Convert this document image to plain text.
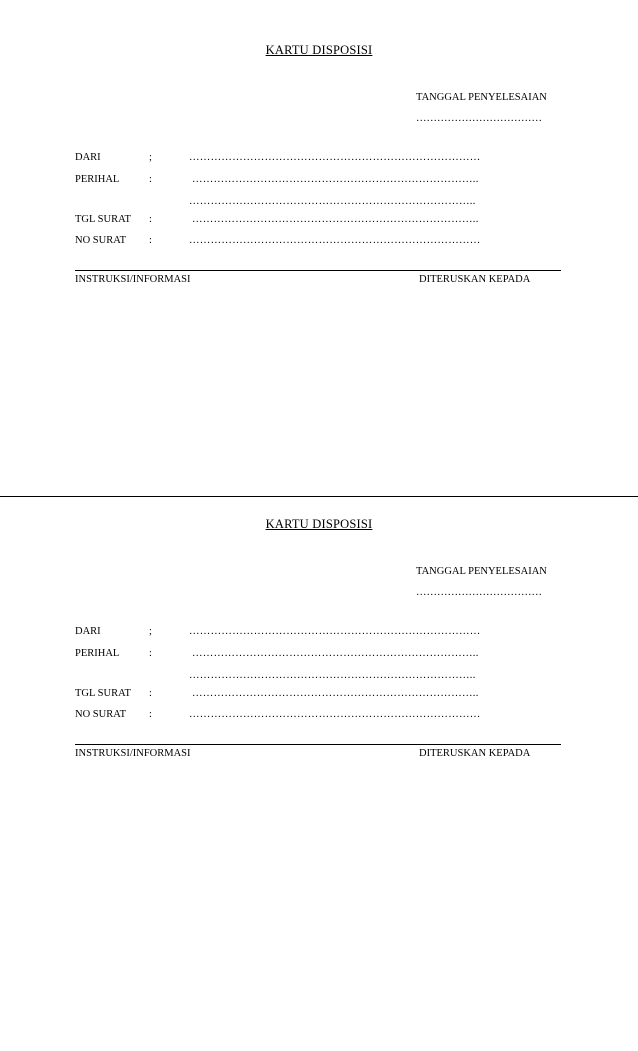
KARTU DISPOSISI
TANGGAL PENYELESAIAN
………………………………
DARI	;	………………………………………………………………………
PERIHAL	:	……………………………………………………………………..
……………………………………………………………………..
TGL SURAT :	……………………………………………………………………..
NO SURAT :	………………………………………………………………………
INSTRUKSI/INFORMASI	DITERUSKAN KEPADA
KARTU DISPOSISI
TANGGAL PENYELESAIAN
………………………………
DARI	;	………………………………………………………………………
PERIHAL	:	……………………………………………………………………..
……………………………………………………………………..
TGL SURAT :	……………………………………………………………………..
NO SURAT :	………………………………………………………………………
INSTRUKSI/INFORMASI	DITERUSKAN KEPADA
